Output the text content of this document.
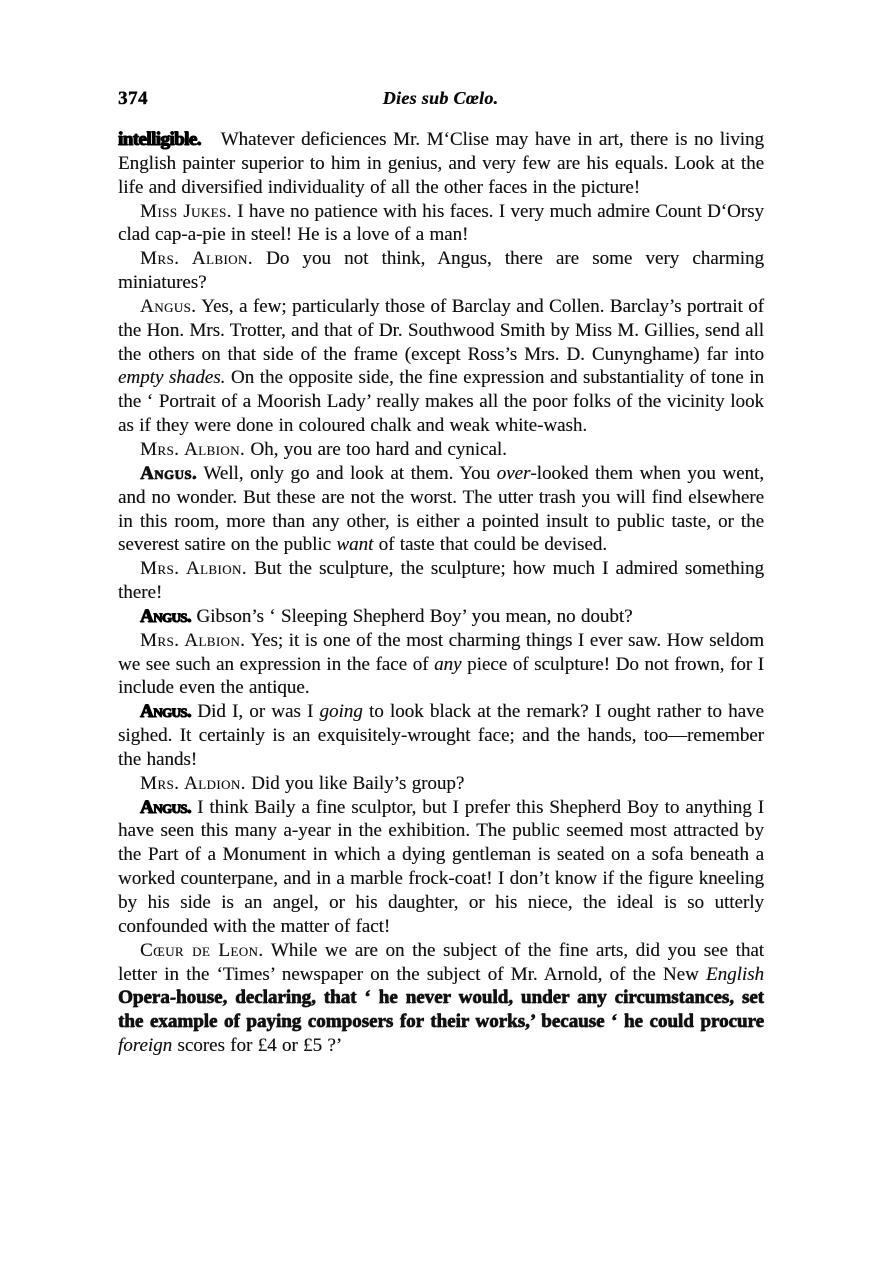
374	Dies sub Cœlo.

intelligible. Whatever deficiences Mr. M‘Clise may have in art, there is no living English painter superior to him in genius, and very few are his equals. Look at the life and diversified individuality of all the other faces in the picture!

Miss Jukes. I have no patience with his faces. I very much admire Count D‘Orsy clad cap-a-pie in steel! He is a love of a man!

Mrs. Albion. Do you not think, Angus, there are some very charming miniatures?

Angus. Yes, a few; particularly those of Barclay and Collen. Barclay’s portrait of the Hon. Mrs. Trotter, and that of Dr. Southwood Smith by Miss M. Gillies, send all the others on that side of the frame (except Ross’s Mrs. D. Cunynghame) far into empty shades. On the opposite side, the fine expression and substantiality of tone in the ‘ Portrait of a Moorish Lady’ really makes all the poor folks of the vicinity look as if they were done in coloured chalk and weak white-wash.

Mrs. Albion. Oh, you are too hard and cynical.

Angus. Well, only go and look at them. You over-looked them when you went, and no wonder. But these are not the worst. The utter trash you will find elsewhere in this room, more than any other, is either a pointed insult to public taste, or the severest satire on the public want of taste that could be devised.

Mrs. Albion. But the sculpture, the sculpture; how much I admired something there!

Angus. Gibson’s ‘ Sleeping Shepherd Boy’ you mean, no doubt?

Mrs. Albion. Yes; it is one of the most charming things I ever saw. How seldom we see such an expression in the face of any piece of sculpture! Do not frown, for I include even the antique.

Angus. Did I, or was I going to look black at the remark? I ought rather to have sighed. It certainly is an exquisitely-wrought face; and the hands, too—remember the hands!

Mrs. Aldion. Did you like Baily’s group?

Angus. I think Baily a fine sculptor, but I prefer this Shepherd Boy to anything I have seen this many a-year in the exhibition. The public seemed most attracted by the Part of a Monument in which a dying gentleman is seated on a sofa beneath a worked counterpane, and in a marble frock-coat! I don’t know if the figure kneeling by his side is an angel, or his daughter, or his niece, the ideal is so utterly confounded with the matter of fact!

Cœur de Leon. While we are on the subject of the fine arts, did you see that letter in the ‘Times’ newspaper on the subject of Mr. Arnold, of the New English Opera-house, declaring, that ‘ he never would, under any circumstances, set the example of paying composers for their works,’ because ‘ he could procure foreign scores for £4 or £5 ?’
